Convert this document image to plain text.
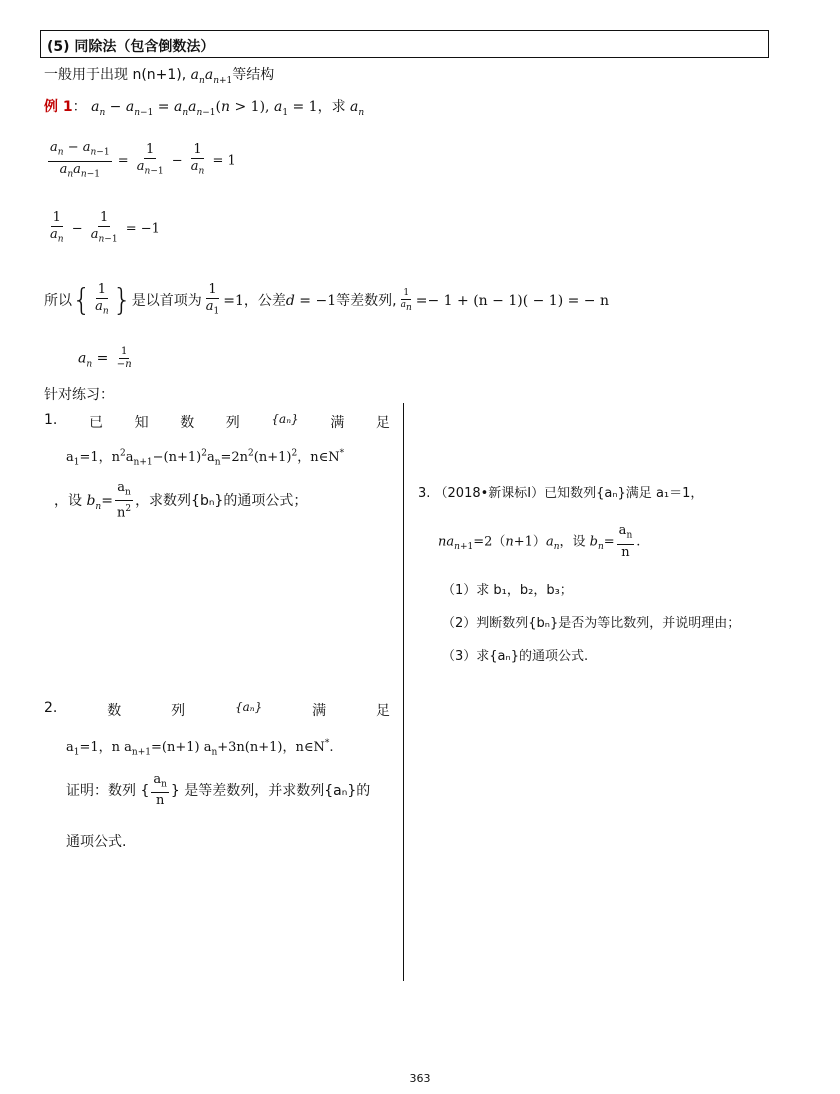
(5) 同除法（包含倒数法）
一般用于出现 n(n+1), $a_na_{n+1}$等结构
例 1： $a_n - a_{n-1} = a_na_{n-1}(n > 1)$, $a_1 = 1$，求 $a_n$
$\frac{a_n - a_{n-1}}{a_na_{n-1}} = \frac{1}{a_{n-1}} - \frac{1}{a_n} = 1$
$\frac{1}{a_n} - \frac{1}{a_{n-1}} = -1$
所以{ $\frac{1}{a_n}$ }是以首项为 $\frac{1}{a_1} =1$，公差d = −1等差数列, $\frac{1}{a_n} =- 1 + (n - 1)( - 1)$ = − n
$a_n = \frac{1}{-n}$
针对练习：
1. 已 知 数 列	{aₙ} 满 足
$a_1=1$，$n^2a_{n+1}-(n+1)^2a_n=2n^2(n+1)^2$，n∈N*
，设 $b_n= \frac{a_n}{n^2}$ ，求数列{bₙ}的通项公式；
2.	数	列	{aₙ}	满	足
$a_1=1$，n $a_{n+1}=(n+1)$ $a_n+3n(n+1)$，n∈N*.
证明：数列 { $\frac{a_n}{n}$ } 是等差数列，并求数列{aₙ}的
通项公式.
3. （2018•新课标Ⅰ）已知数列{aₙ}满足 a₁＝1，
$na_{n+1}=2(n+1)a_n$，设 $b_n= \frac{a_n}{n}$ .
（1）求 b₁，b₂，b₃；
（2）判断数列{bₙ}是否为等比数列，并说明理由；
（3）求{aₙ}的通项公式.
363
